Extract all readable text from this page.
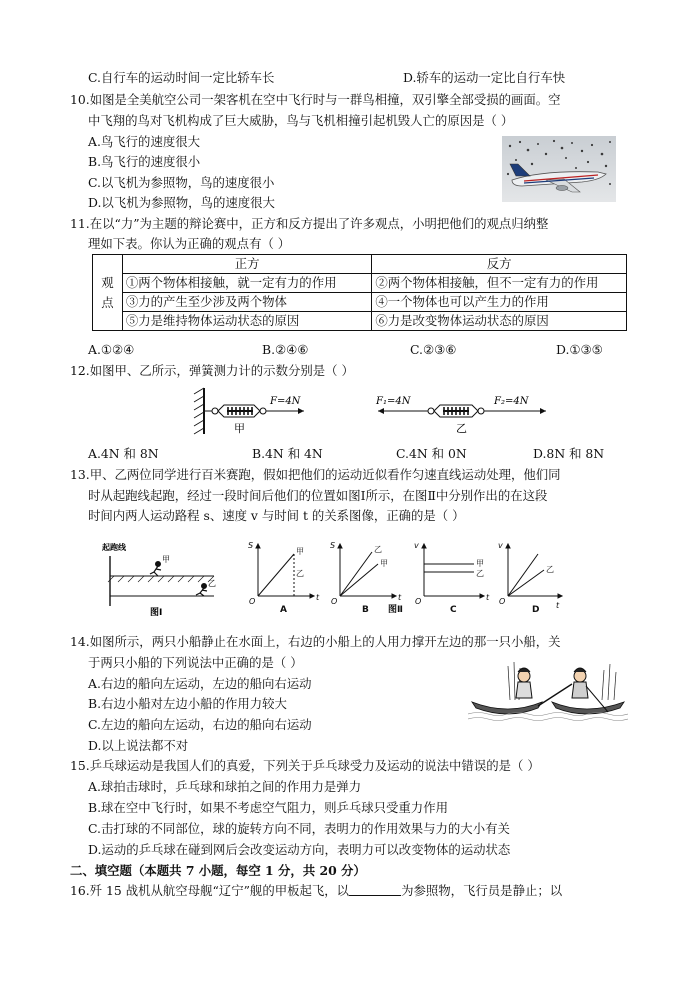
C.自行车的运动时间一定比轿车长	D.轿车的运动一定比自行车快
10.如图是全美航空公司一架客机在空中飞行时与一群鸟相撞，双引擎全部受损的画面。空
中飞翔的鸟对飞机构成了巨大威胁，鸟与飞机相撞引起机毁人亡的原因是（ ）
A.鸟飞行的速度很大
B.鸟飞行的速度很小
C.以飞机为参照物，鸟的速度很小
D.以飞机为参照物，鸟的速度很大
11.在以“力”为主题的辩论赛中，正方和反方提出了许多观点，小明把他们的观点归纳整
理如下表。你认为正确的观点有（ ）
观
点	正方	反方
	①两个物体相接触，就一定有力的作用	②两个物体相接触，但不一定有力的作用
	③力的产生至少涉及两个物体	④一个物体也可以产生力的作用
	⑤力是维持物体运动状态的原因	⑥力是改变物体运动状态的原因
A.①②④	B.②④⑥	C.②③⑥	D.①③⑤
12.如图甲、乙所示，弹簧测力计的示数分别是（ ）
F=4N
甲
F₁=4N	F₂=4N
乙
A.4N 和 8N	B.4N 和 4N	C.4N 和 0N	D.8N 和 8N
13.甲、乙两位同学进行百米赛跑，假如把他们的运动近似看作匀速直线运动处理，他们同
时从起跑线起跑，经过一段时间后他们的位置如图Ⅰ所示，在图Ⅱ中分别作出的在这段
时间内两人运动路程 s、速度 v 与时间 t 的关系图像，正确的是（ ）
起跑线
甲
乙
图Ⅰ
S
t
O
S
t
O
v
t
O
v
t
O
甲
乙
乙
甲	甲
乙	乙
A	B	C	D
图Ⅱ
14.如图所示，两只小船静止在水面上，右边的小船上的人用力撑开左边的那一只小船，关
于两只小船的下列说法中正确的是（ ）
A.右边的船向左运动，左边的船向右运动
B.右边小船对左边小船的作用力较大
C.左边的船向左运动，右边的船向右运动
D.以上说法都不对
15.乒乓球运动是我国人们的真爱，下列关于乒乓球受力及运动的说法中错误的是（ ）
A.球拍击球时，乒乓球和球拍之间的作用力是弹力
B.球在空中飞行时，如果不考虑空气阻力，则乒乓球只受重力作用
C.击打球的不同部位，球的旋转方向不同，表明力的作用效果与力的大小有关
D.运动的乒乓球在碰到网后会改变运动方向，表明力可以改变物体的运动状态
二、填空题（本题共 7 小题，每空 1 分，共 20 分）
16.歼 15 战机从航空母舰“辽宁”舰的甲板起飞，以	为参照物，飞行员是静止；以
